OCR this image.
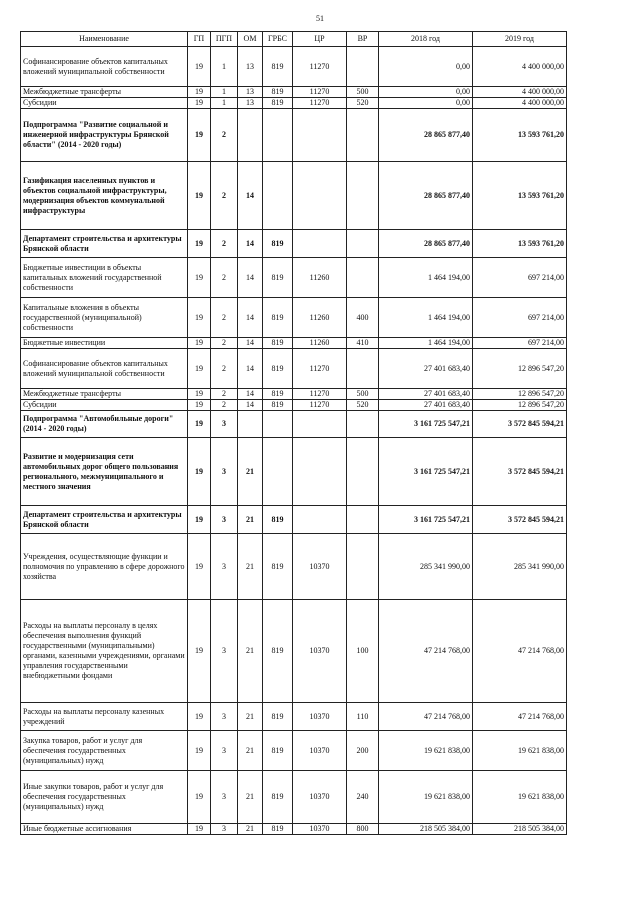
51
Наименование	ГП	ПГП	ОМ	ГРБС	ЦР	ВР	2018 год	2019 год
Софинансирование объектов капитальных вложений муниципальной собственности	19	1	13	819	11270		0,00	4 400 000,00
Межбюджетные трансферты	19	1	13	819	11270	500	0,00	4 400 000,00
Субсидии	19	1	13	819	11270	520	0,00	4 400 000,00
Подпрограмма "Развитие социальной и инженерной инфраструктуры Брянской области" (2014 - 2020 годы)	19	2					28 865 877,40	13 593 761,20
Газификация населенных пунктов и объектов социальной инфраструктуры, модернизация объектов коммунальной инфраструктуры	19	2	14				28 865 877,40	13 593 761,20
Департамент строительства и архитектуры Брянской области	19	2	14	819			28 865 877,40	13 593 761,20
Бюджетные инвестиции в объекты капитальных вложений государственной собственности	19	2	14	819	11260		1 464 194,00	697 214,00
Капитальные вложения в объекты государственной (муниципальной) собственности	19	2	14	819	11260	400	1 464 194,00	697 214,00
Бюджетные инвестиции	19	2	14	819	11260	410	1 464 194,00	697 214,00
Софинансирование объектов капитальных вложений муниципальной собственности	19	2	14	819	11270		27 401 683,40	12 896 547,20
Межбюджетные трансферты	19	2	14	819	11270	500	27 401 683,40	12 896 547,20
Субсидии	19	2	14	819	11270	520	27 401 683,40	12 896 547,20
Подпрограмма "Автомобильные дороги" (2014 - 2020 годы)	19	3					3 161 725 547,21	3 572 845 594,21
Развитие и модернизация сети автомобильных дорог общего пользования регионального, межмуниципального и местного значения	19	3	21				3 161 725 547,21	3 572 845 594,21
Департамент строительства и архитектуры Брянской области	19	3	21	819			3 161 725 547,21	3 572 845 594,21
Учреждения, осуществляющие функции и полномочия по управлению в сфере дорожного хозяйства	19	3	21	819	10370		285 341 990,00	285 341 990,00
Расходы на выплаты персоналу в целях обеспечения выполнения функций государственными (муниципальными) органами, казенными учреждениями, органами управления государственными внебюджетными фондами	19	3	21	819	10370	100	47 214 768,00	47 214 768,00
Расходы на выплаты персоналу казенных учреждений	19	3	21	819	10370	110	47 214 768,00	47 214 768,00
Закупка товаров, работ и услуг для обеспечения государственных (муниципальных) нужд	19	3	21	819	10370	200	19 621 838,00	19 621 838,00
Иные закупки товаров, работ и услуг для обеспечения государственных (муниципальных) нужд	19	3	21	819	10370	240	19 621 838,00	19 621 838,00
Иные бюджетные ассигнования	19	3	21	819	10370	800	218 505 384,00	218 505 384,00
